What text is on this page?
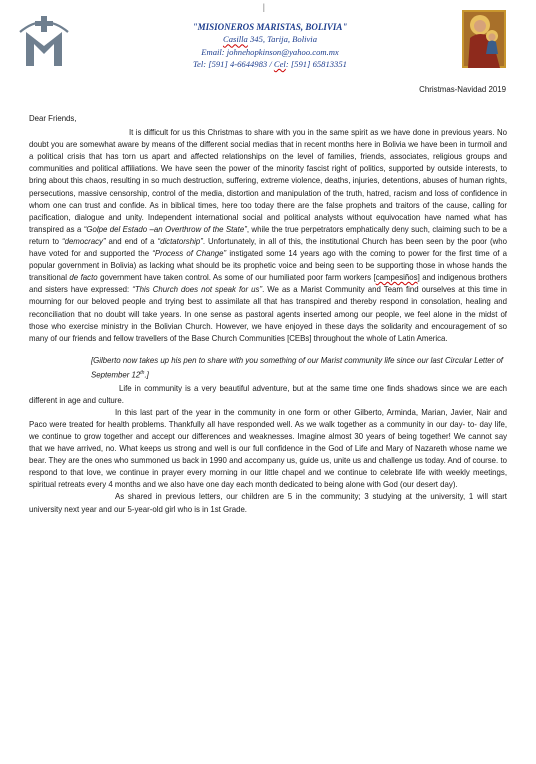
|
"MISIONEROS MARISTAS, BOLIVIA"
Casilla 345, Tarija, Bolivia
Email: johnehopkinson@yahoo.com.mx
Tel: [591] 4-6644983 / Cel: [591] 65813351
Christmas-Navidad 2019

Dear Friends,

It is difficult for us this Christmas to share with you in the same spirit as we have done in previous years. No doubt you are somewhat aware by means of the different social medias that in recent months here in Bolivia we have been in turmoil and a political crisis that has torn us apart and affected relationships on the level of families, friends, associates, religious groups and communities and political affiliations. We have seen the power of the minority fascist right of politics, supported by outside interests, to bring about this chaos, resulting in so much destruction, suffering, extreme violence, deaths, injuries, detentions, abuses of human rights, persecutions, massive censorship, control of the media, distortion and manipulation of the truth, hatred, racism and loss of confidence in whom one can trust and confide. As in biblical times, here too today there are the false prophets and traitors of the cause, calling for pacification, dialogue and unity. Independent international social and political analysts without equivocation have named what has transpired as a “Golpe del Estado –an Overthrow of the State”, while the true perpetrators emphatically deny such, claiming such to be a return to “democracy” and end of a “dictatorship”. Unfortunately, in all of this, the institutional Church has been seen by the poor (who have voted for and supported the “Process of Change” instigated some 14 years ago with the coming to power for the first time of a popular government in Bolivia) as lacking what should be its prophetic voice and being seen to be supporting those in whose hands the transitional de facto government have taken control. As some of our humiliated poor farm workers [campesiños] and indigenous brothers and sisters have expressed: “This Church does not speak for us”. We as a Marist Community and Team find ourselves at this time in mourning for our beloved people and trying best to assimilate all that has transpired and thereby respond in consolation, healing and reconciliation that no doubt will take years. In one sense as pastoral agents inserted among our people, we feel alone in the midst of those who exercise ministry in the Bolivian Church. However, we have enjoyed in these days the solidarity and encouragement of so many of our friends and fellow travellers of the Base Church Communities [CEBs] throughout the whole of Latin America.

[Gilberto now takes up his pen to share with you something of our Marist community life since our last Circular Letter of September 12th.]

Life in community is a very beautiful adventure, but at the same time one finds shadows since we are each different in age and culture.

In this last part of the year in the community in one form or other Gilberto, Arminda, Marian, Javier, Nair and Paco were treated for health problems. Thankfully all have responded well. As we walk together as a community in our day- to- day life, we continue to grow together and accept our differences and weaknesses. Imagine almost 30 years of being together! We cannot say that we have arrived, no. What keeps us strong and well is our full confidence in the God of Life and Mary of Nazareth whose name we bear. They are the ones who summoned us back in 1990 and accompany us, guide us, unite us and challenge us today. And of course. to respond to that love, we continue in prayer every morning in our little chapel and we continue to celebrate life with weekly meetings, spiritual retreats every 4 months and we also have one day each month dedicated to being alone with God (our desert day).

As shared in previous letters, our children are 5 in the community; 3 studying at the university, 1 will start university next year and our 5-year-old girl who is in 1st Grade.
